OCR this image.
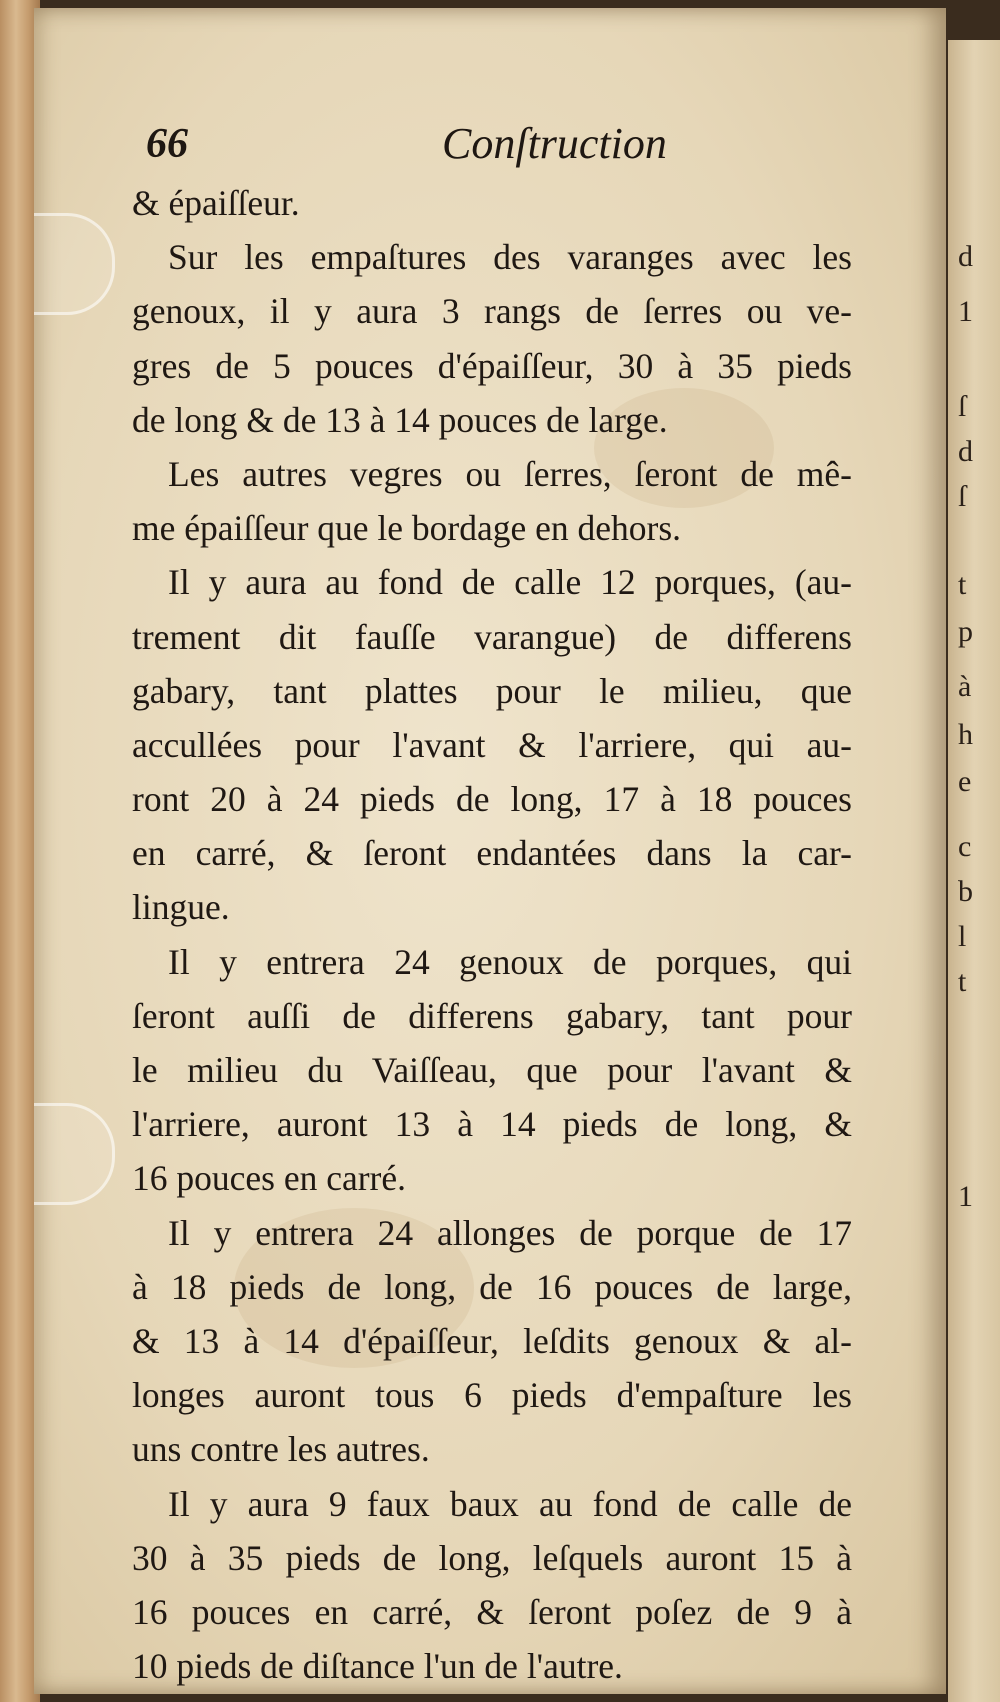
66	Conſtruction
& épaiſſeur.
Sur les empaſtures des varanges avec les
genoux, il y aura 3 rangs de ſerres ou ve-
gres de 5 pouces d'épaiſſeur, 30 à 35 pieds
de long & de 13 à 14 pouces de large.
Les autres vegres ou ſerres, ſeront de mê-
me épaiſſeur que le bordage en dehors.
Il y aura au fond de calle 12 porques, (au-
trement dit fauſſe varangue) de differens
gabary, tant plattes pour le milieu, que
accullées pour l'avant & l'arriere, qui au-
ront 20 à 24 pieds de long, 17 à 18 pouces
en carré, & ſeront endantées dans la car-
lingue.
Il y entrera 24 genoux de porques, qui
ſeront auſſi de differens gabary, tant pour
le milieu du Vaiſſeau, que pour l'avant &
l'arriere, auront 13 à 14 pieds de long, &
16 pouces en carré.
Il y entrera 24 allonges de porque de 17
à 18 pieds de long, de 16 pouces de large,
& 13 à 14 d'épaiſſeur, leſdits genoux & al-
longes auront tous 6 pieds d'empaſture les
uns contre les autres.
Il y aura 9 faux baux au fond de calle de
30 à 35 pieds de long, leſquels auront 15 à
16 pouces en carré, & ſeront poſez de 9 à
10 pieds de diſtance l'un de l'autre.
d
1
ſ
d
ſ
t
p
à
h
e
c
b
l
t
1
